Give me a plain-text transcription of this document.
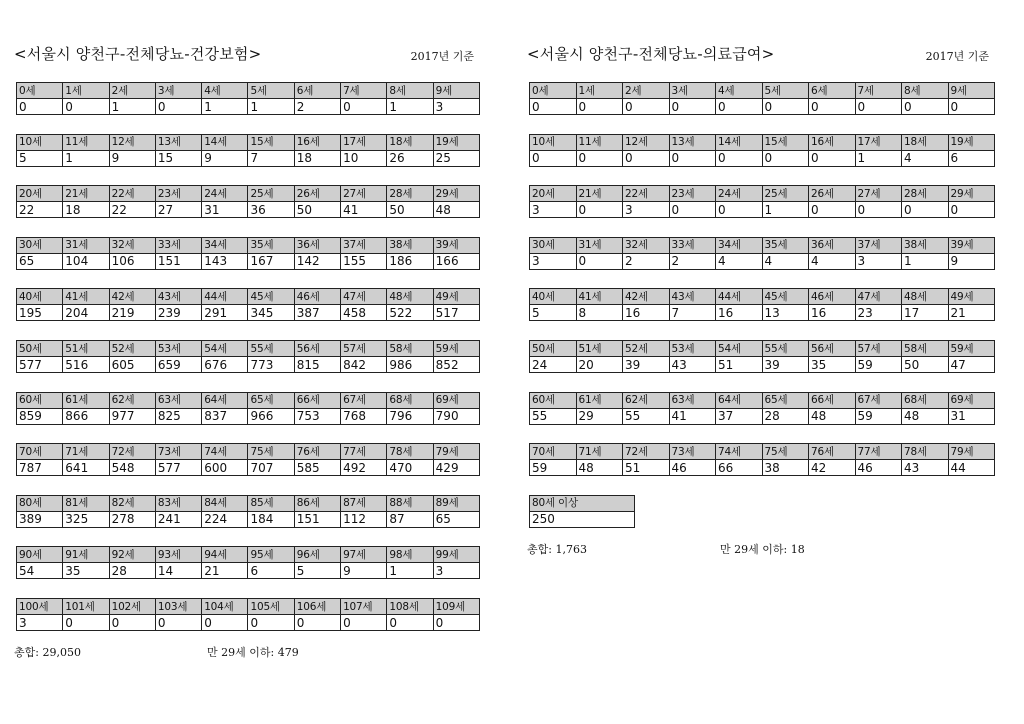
<서울시 양천구-전체당뇨-건강보험>	2017년 기준
0세	1세	2세	3세	4세	5세	6세	7세	8세	9세
0	0	1	0	1	1	2	0	1	3
10세	11세	12세	13세	14세	15세	16세	17세	18세	19세
5	1	9	15	9	7	18	10	26	25
20세	21세	22세	23세	24세	25세	26세	27세	28세	29세
22	18	22	27	31	36	50	41	50	48
30세	31세	32세	33세	34세	35세	36세	37세	38세	39세
65	104	106	151	143	167	142	155	186	166
40세	41세	42세	43세	44세	45세	46세	47세	48세	49세
195	204	219	239	291	345	387	458	522	517
50세	51세	52세	53세	54세	55세	56세	57세	58세	59세
577	516	605	659	676	773	815	842	986	852
60세	61세	62세	63세	64세	65세	66세	67세	68세	69세
859	866	977	825	837	966	753	768	796	790
70세	71세	72세	73세	74세	75세	76세	77세	78세	79세
787	641	548	577	600	707	585	492	470	429
80세	81세	82세	83세	84세	85세	86세	87세	88세	89세
389	325	278	241	224	184	151	112	87	65
90세	91세	92세	93세	94세	95세	96세	97세	98세	99세
54	35	28	14	21	6	5	9	1	3
100세	101세	102세	103세	104세	105세	106세	107세	108세	109세
3	0	0	0	0	0	0	0	0	0
총합: 29,050	만 29세 이하: 479
<서울시 양천구-전체당뇨-의료급여>	2017년 기준
0세	1세	2세	3세	4세	5세	6세	7세	8세	9세
0	0	0	0	0	0	0	0	0	0
10세	11세	12세	13세	14세	15세	16세	17세	18세	19세
0	0	0	0	0	0	0	1	4	6
20세	21세	22세	23세	24세	25세	26세	27세	28세	29세
3	0	3	0	0	1	0	0	0	0
30세	31세	32세	33세	34세	35세	36세	37세	38세	39세
3	0	2	2	4	4	4	3	1	9
40세	41세	42세	43세	44세	45세	46세	47세	48세	49세
5	8	16	7	16	13	16	23	17	21
50세	51세	52세	53세	54세	55세	56세	57세	58세	59세
24	20	39	43	51	39	35	59	50	47
60세	61세	62세	63세	64세	65세	66세	67세	68세	69세
55	29	55	41	37	28	48	59	48	31
70세	71세	72세	73세	74세	75세	76세	77세	78세	79세
59	48	51	46	66	38	42	46	43	44
80세 이상
250
총합: 1,763	만 29세 이하: 18
